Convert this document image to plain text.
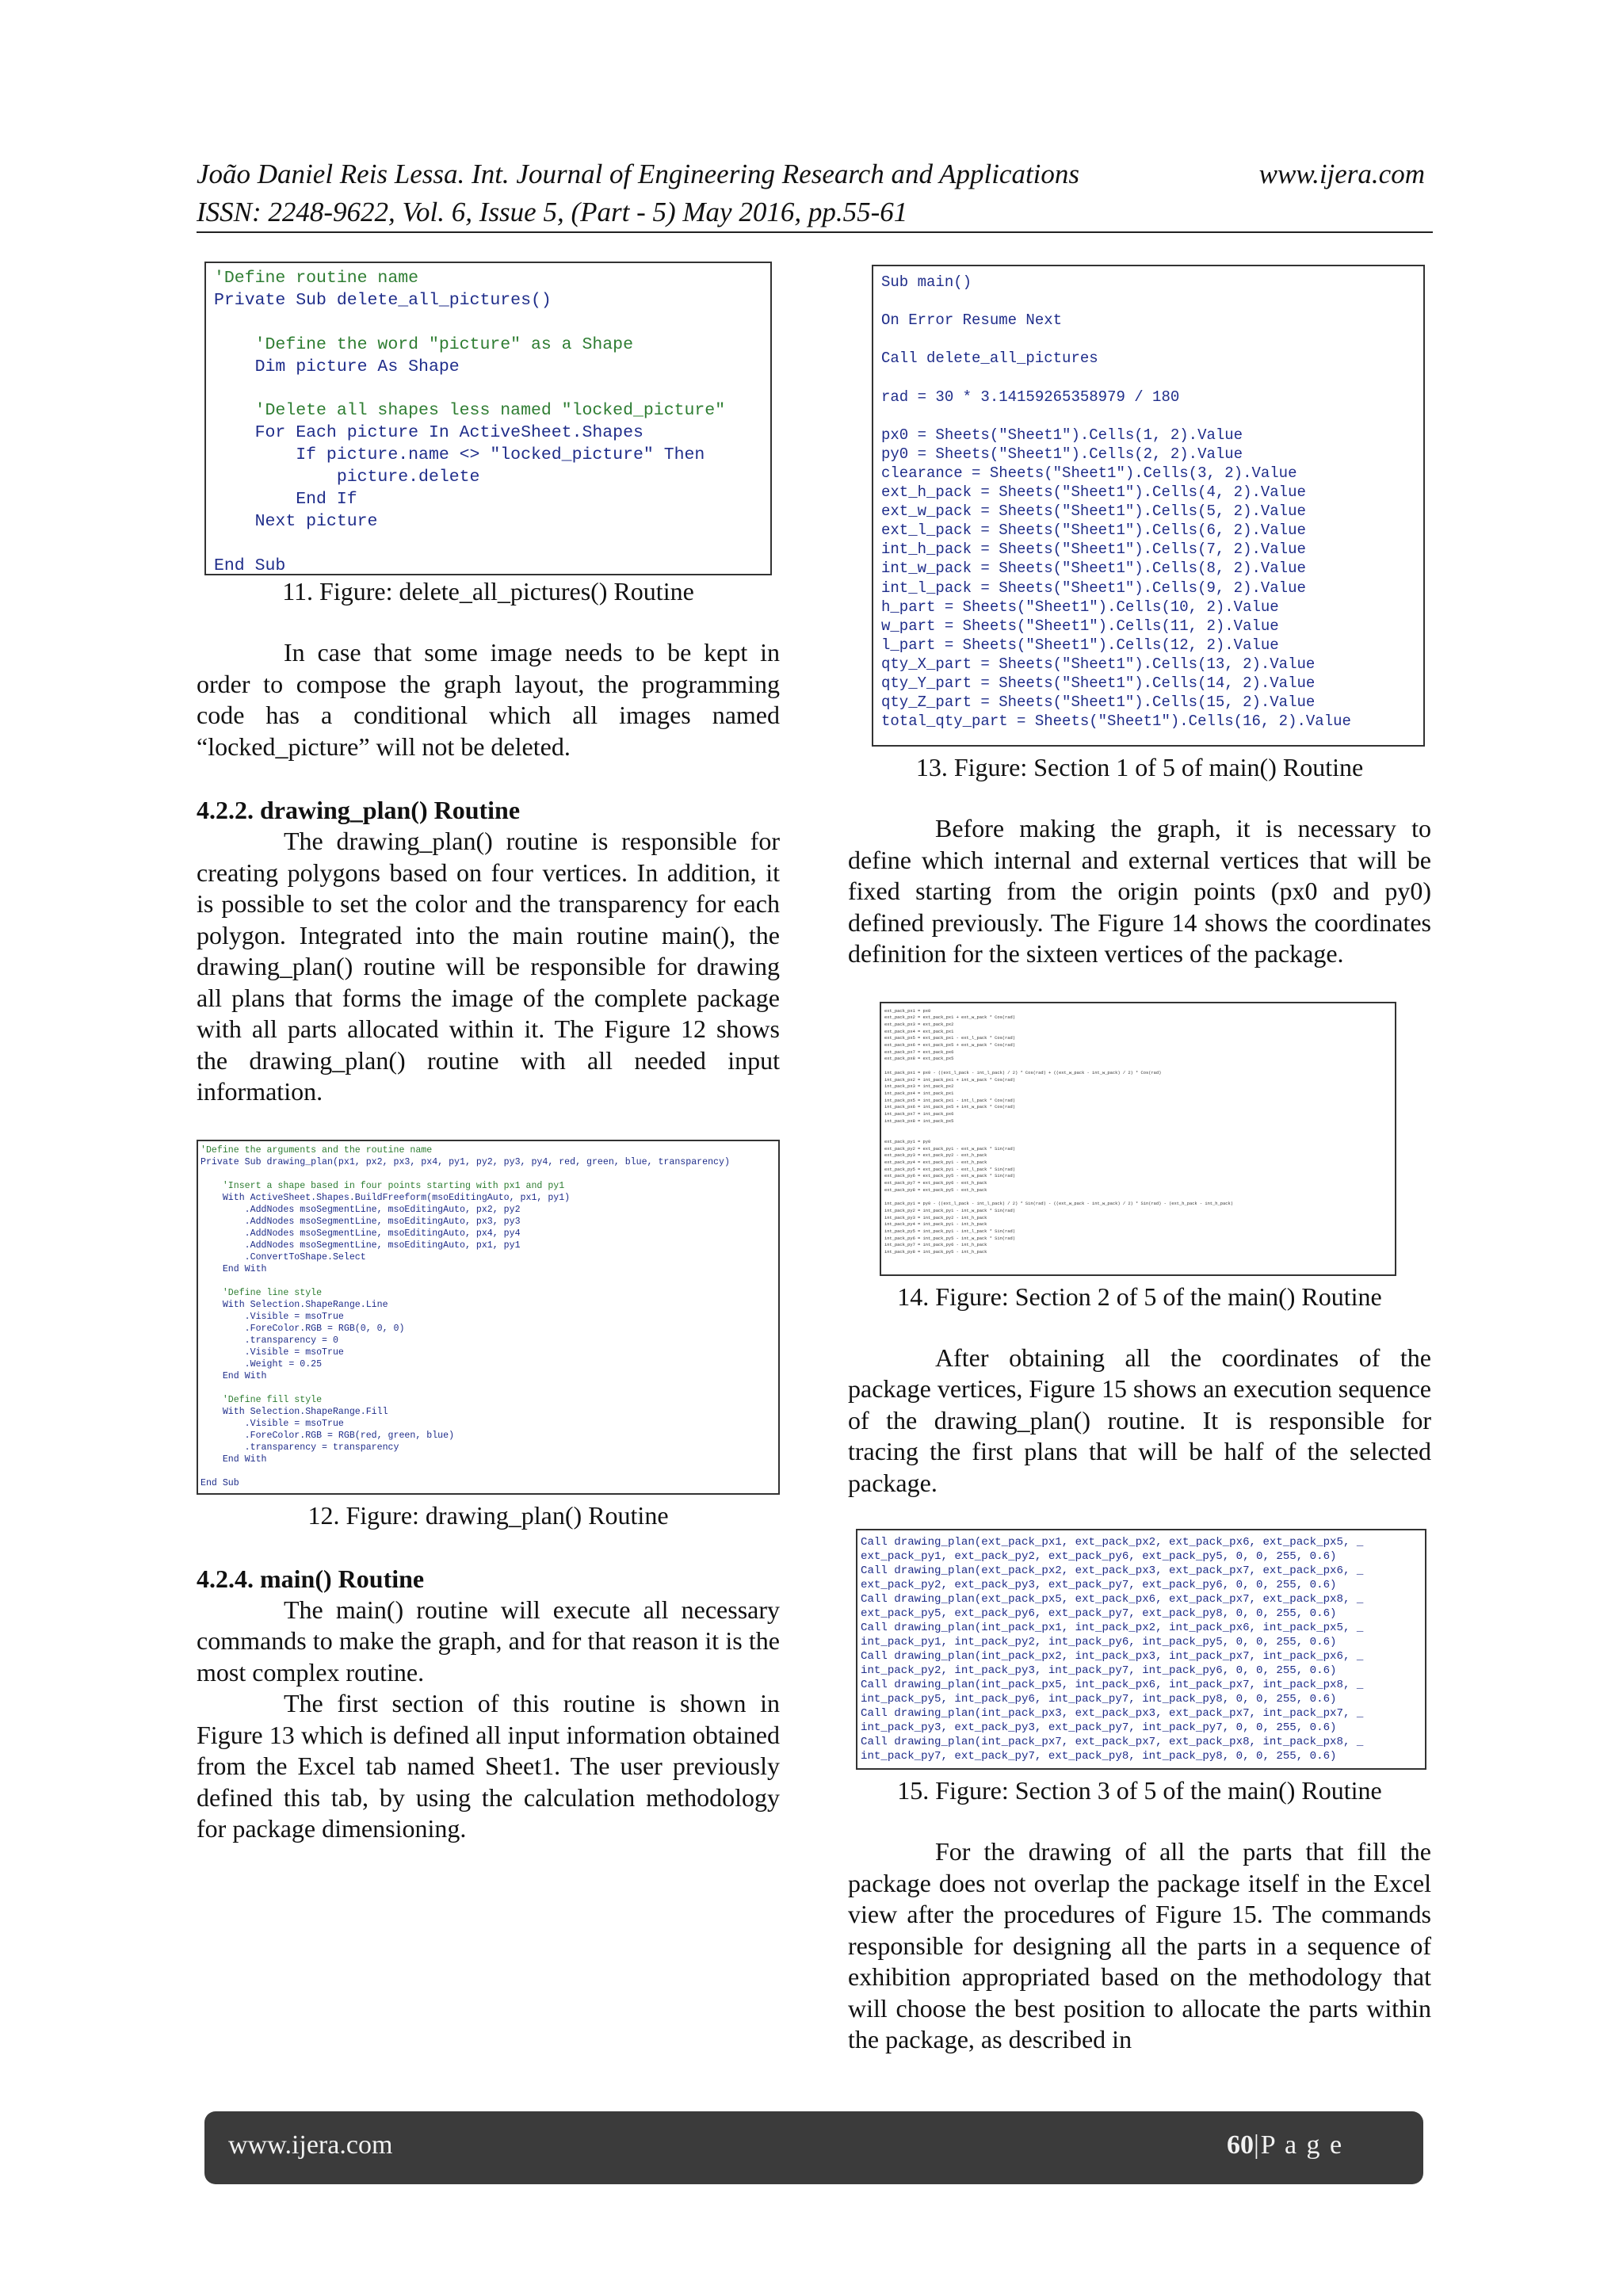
João Daniel Reis Lessa. Int. Journal of Engineering Research and Applications
ISSN: 2248-9622, Vol. 6, Issue 5, (Part - 5) May 2016, pp.55-61
www.ijera.com
'Define routine name
Private Sub delete_all_pictures()

'Define the word "picture" as a Shape
Dim picture As Shape

'Delete all shapes less named "locked_picture"
For Each picture In ActiveSheet.Shapes
If picture.name <> "locked_picture" Then
picture.delete
End If
Next picture

End Sub
11. Figure: delete_all_pictures() Routine

In case that some image needs to be kept in order to compose the graph layout, the programming code has a conditional which all images named “locked_picture” will not be deleted.

4.2.2. drawing_plan() Routine

The drawing_plan() routine is responsible for creating polygons based on four vertices. In addition, it is possible to set the color and the transparency for each polygon. Integrated into the main routine main(), the drawing_plan() routine will be responsible for drawing all plans that forms the image of the complete package with all parts allocated within it. The Figure 12 shows the drawing_plan() routine with all needed input information.

'Define the arguments and the routine name
Private Sub drawing_plan(px1, px2, px3, px4, py1, py2, py3, py4, red, green, blue, transparency)

'Insert a shape based in four points starting with px1 and py1
With ActiveSheet.Shapes.BuildFreeform(msoEditingAuto, px1, py1)
.AddNodes msoSegmentLine, msoEditingAuto, px2, py2
.AddNodes msoSegmentLine, msoEditingAuto, px3, py3
.AddNodes msoSegmentLine, msoEditingAuto, px4, py4
.AddNodes msoSegmentLine, msoEditingAuto, px1, py1
.ConvertToShape.Select
End With

'Define line style
With Selection.ShapeRange.Line
.Visible = msoTrue
.ForeColor.RGB = RGB(0, 0, 0)
.transparency = 0
.Visible = msoTrue
.Weight = 0.25
End With

'Define fill style
With Selection.ShapeRange.Fill
.Visible = msoTrue
.ForeColor.RGB = RGB(red, green, blue)
.transparency = transparency
End With

End Sub
12. Figure: drawing_plan() Routine
4.2.4. main() Routine

The main() routine will execute all necessary commands to make the graph, and for that reason it is the most complex routine.

The first section of this routine is shown in Figure 13 which is defined all input information obtained from the Excel tab named Sheet1. The user previously defined this tab, by using the calculation methodology for package dimensioning.

Sub main()

On Error Resume Next

Call delete_all_pictures

rad = 30 * 3.14159265358979 / 180

px0 = Sheets("Sheet1").Cells(1, 2).Value
py0 = Sheets("Sheet1").Cells(2, 2).Value
clearance = Sheets("Sheet1").Cells(3, 2).Value
ext_h_pack = Sheets("Sheet1").Cells(4, 2).Value
ext_w_pack = Sheets("Sheet1").Cells(5, 2).Value
ext_l_pack = Sheets("Sheet1").Cells(6, 2).Value
int_h_pack = Sheets("Sheet1").Cells(7, 2).Value
int_w_pack = Sheets("Sheet1").Cells(8, 2).Value
int_l_pack = Sheets("Sheet1").Cells(9, 2).Value
h_part = Sheets("Sheet1").Cells(10, 2).Value
w_part = Sheets("Sheet1").Cells(11, 2).Value
l_part = Sheets("Sheet1").Cells(12, 2).Value
qty_X_part = Sheets("Sheet1").Cells(13, 2).Value
qty_Y_part = Sheets("Sheet1").Cells(14, 2).Value
qty_Z_part = Sheets("Sheet1").Cells(15, 2).Value
total_qty_part = Sheets("Sheet1").Cells(16, 2).Value
13. Figure: Section 1 of 5 of main() Routine

Before making the graph, it is necessary to define which internal and external vertices that will be fixed starting from the origin points (px0 and py0) defined previously. The Figure 14 shows the coordinates definition for the sixteen vertices of the package.

ext_pack_px1 = px0
ext_pack_px2 = ext_pack_px1 + ext_w_pack * Cos(rad)
ext_pack_px3 = ext_pack_px2
ext_pack_px4 = ext_pack_px1
ext_pack_px5 = ext_pack_px1 - ext_l_pack * Cos(rad)
ext_pack_px6 = ext_pack_px5 + ext_w_pack * Cos(rad)
ext_pack_px7 = ext_pack_px6
ext_pack_px8 = ext_pack_px5

int_pack_px1 = px0 - ((ext_l_pack - int_l_pack) / 2) * Cos(rad) + ((ext_w_pack - int_w_pack) / 2) * Cos(rad)
int_pack_px2 = int_pack_px1 + int_w_pack * Cos(rad)
int_pack_px3 = int_pack_px2
int_pack_px4 = int_pack_px1
int_pack_px5 = int_pack_px1 - int_l_pack * Cos(rad)
int_pack_px6 = int_pack_px5 + int_w_pack * Cos(rad)
int_pack_px7 = int_pack_px6
int_pack_px8 = int_pack_px5

ext_pack_py1 = py0
ext_pack_py2 = ext_pack_py1 - ext_w_pack * Sin(rad)
ext_pack_py3 = ext_pack_py2 - ext_h_pack
ext_pack_py4 = ext_pack_py1 - ext_h_pack
ext_pack_py5 = ext_pack_py1 - ext_l_pack * Sin(rad)
ext_pack_py6 = ext_pack_py5 - ext_w_pack * Sin(rad)
ext_pack_py7 = ext_pack_py6 - ext_h_pack
ext_pack_py8 = ext_pack_py5 - ext_h_pack

int_pack_py1 = py0 - ((ext_l_pack - int_l_pack) / 2) * Sin(rad) - ((ext_w_pack - int_w_pack) / 2) * Sin(rad) - (ext_h_pack - int_h_pack)
int_pack_py2 = int_pack_py1 - int_w_pack * Sin(rad)
int_pack_py3 = int_pack_py2 - int_h_pack
int_pack_py4 = int_pack_py1 - int_h_pack
int_pack_py5 = int_pack_py1 - int_l_pack * Sin(rad)
int_pack_py6 = int_pack_py5 - int_w_pack * Sin(rad)
int_pack_py7 = int_pack_py6 - int_h_pack
int_pack_py8 = int_pack_py5 - int_h_pack
14. Figure: Section 2 of 5 of the main() Routine

After obtaining all the coordinates of the package vertices, Figure 15 shows an execution sequence of the drawing_plan() routine. It is responsible for tracing the first plans that will be half of the selected package.

Call drawing_plan(ext_pack_px1, ext_pack_px2, ext_pack_px6, ext_pack_px5, _
ext_pack_py1, ext_pack_py2, ext_pack_py6, ext_pack_py5, 0, 0, 255, 0.6)
Call drawing_plan(ext_pack_px2, ext_pack_px3, ext_pack_px7, ext_pack_px6, _
ext_pack_py2, ext_pack_py3, ext_pack_py7, ext_pack_py6, 0, 0, 255, 0.6)
Call drawing_plan(ext_pack_px5, ext_pack_px6, ext_pack_px7, ext_pack_px8, _
ext_pack_py5, ext_pack_py6, ext_pack_py7, ext_pack_py8, 0, 0, 255, 0.6)
Call drawing_plan(int_pack_px1, int_pack_px2, int_pack_px6, int_pack_px5, _
int_pack_py1, int_pack_py2, int_pack_py6, int_pack_py5, 0, 0, 255, 0.6)
Call drawing_plan(int_pack_px2, int_pack_px3, int_pack_px7, int_pack_px6, _
int_pack_py2, int_pack_py3, int_pack_py7, int_pack_py6, 0, 0, 255, 0.6)
Call drawing_plan(int_pack_px5, int_pack_px6, int_pack_px7, int_pack_px8, _
int_pack_py5, int_pack_py6, int_pack_py7, int_pack_py8, 0, 0, 255, 0.6)
Call drawing_plan(int_pack_px3, ext_pack_px3, ext_pack_px7, int_pack_px7, _
int_pack_py3, ext_pack_py3, ext_pack_py7, int_pack_py7, 0, 0, 255, 0.6)
Call drawing_plan(int_pack_px7, ext_pack_px7, ext_pack_px8, int_pack_px8, _
int_pack_py7, ext_pack_py7, ext_pack_py8, int_pack_py8, 0, 0, 255, 0.6)
15. Figure: Section 3 of 5 of the main() Routine

For the drawing of all the parts that fill the package does not overlap the package itself in the Excel view after the procedures of Figure 15. The commands responsible for designing all the parts in a sequence of exhibition appropriated based on the methodology that will choose the best position to allocate the parts within the package, as described in

www.ijera.com	60|P a g e
